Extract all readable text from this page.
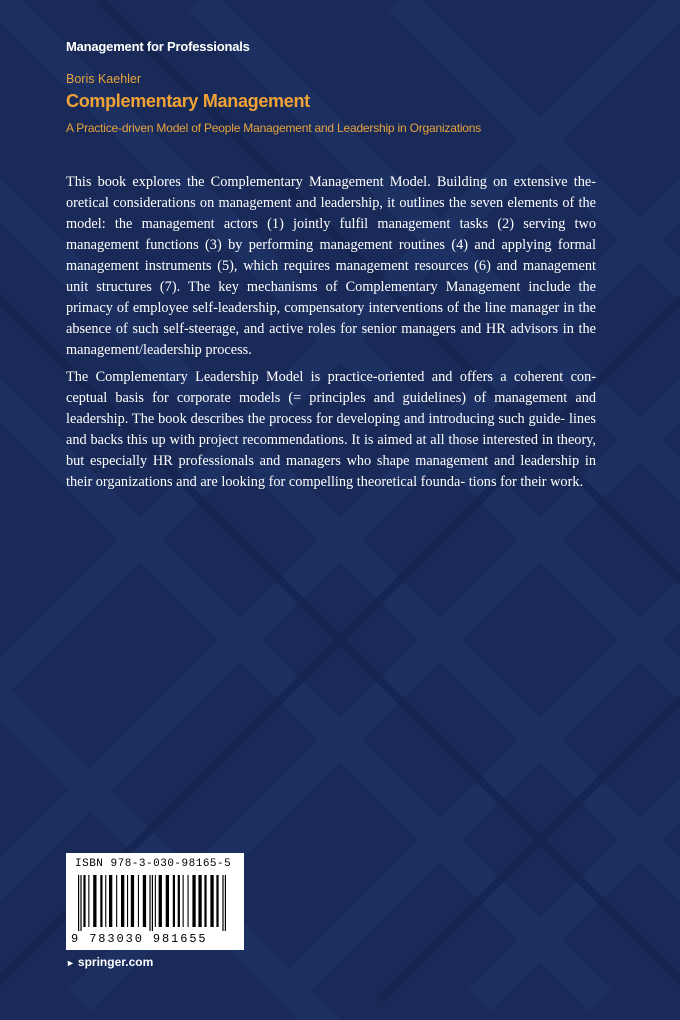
Management for Professionals
Boris Kaehler
Complementary Management
A Practice-driven Model of People Management and Leadership in Organizations

This book explores the Complementary Management Model. Building on extensive the- oretical considerations on management and leadership, it outlines the seven elements of the model: the management actors (1) jointly fulfil management tasks (2) serving two management functions (3) by performing management routines (4) and applying formal management instruments (5), which requires management resources (6) and management unit structures (7). The key mechanisms of Complementary Management include the primacy of employee self-leadership, compensatory interventions of the line manager in the absence of such self-steerage, and active roles for senior managers and HR advisors in the management/leadership process.

The Complementary Leadership Model is practice-oriented and offers a coherent con- ceptual basis for corporate models (= principles and guidelines) of management and leadership. The book describes the process for developing and introducing such guide- lines and backs this up with project recommendations. It is aimed at all those interested in theory, but especially HR professionals and managers who shape management and leadership in their organizations and are looking for compelling theoretical founda- tions for their work.

ISBN 978-3-030-98165-5
9 783030 981655
► springer.com
